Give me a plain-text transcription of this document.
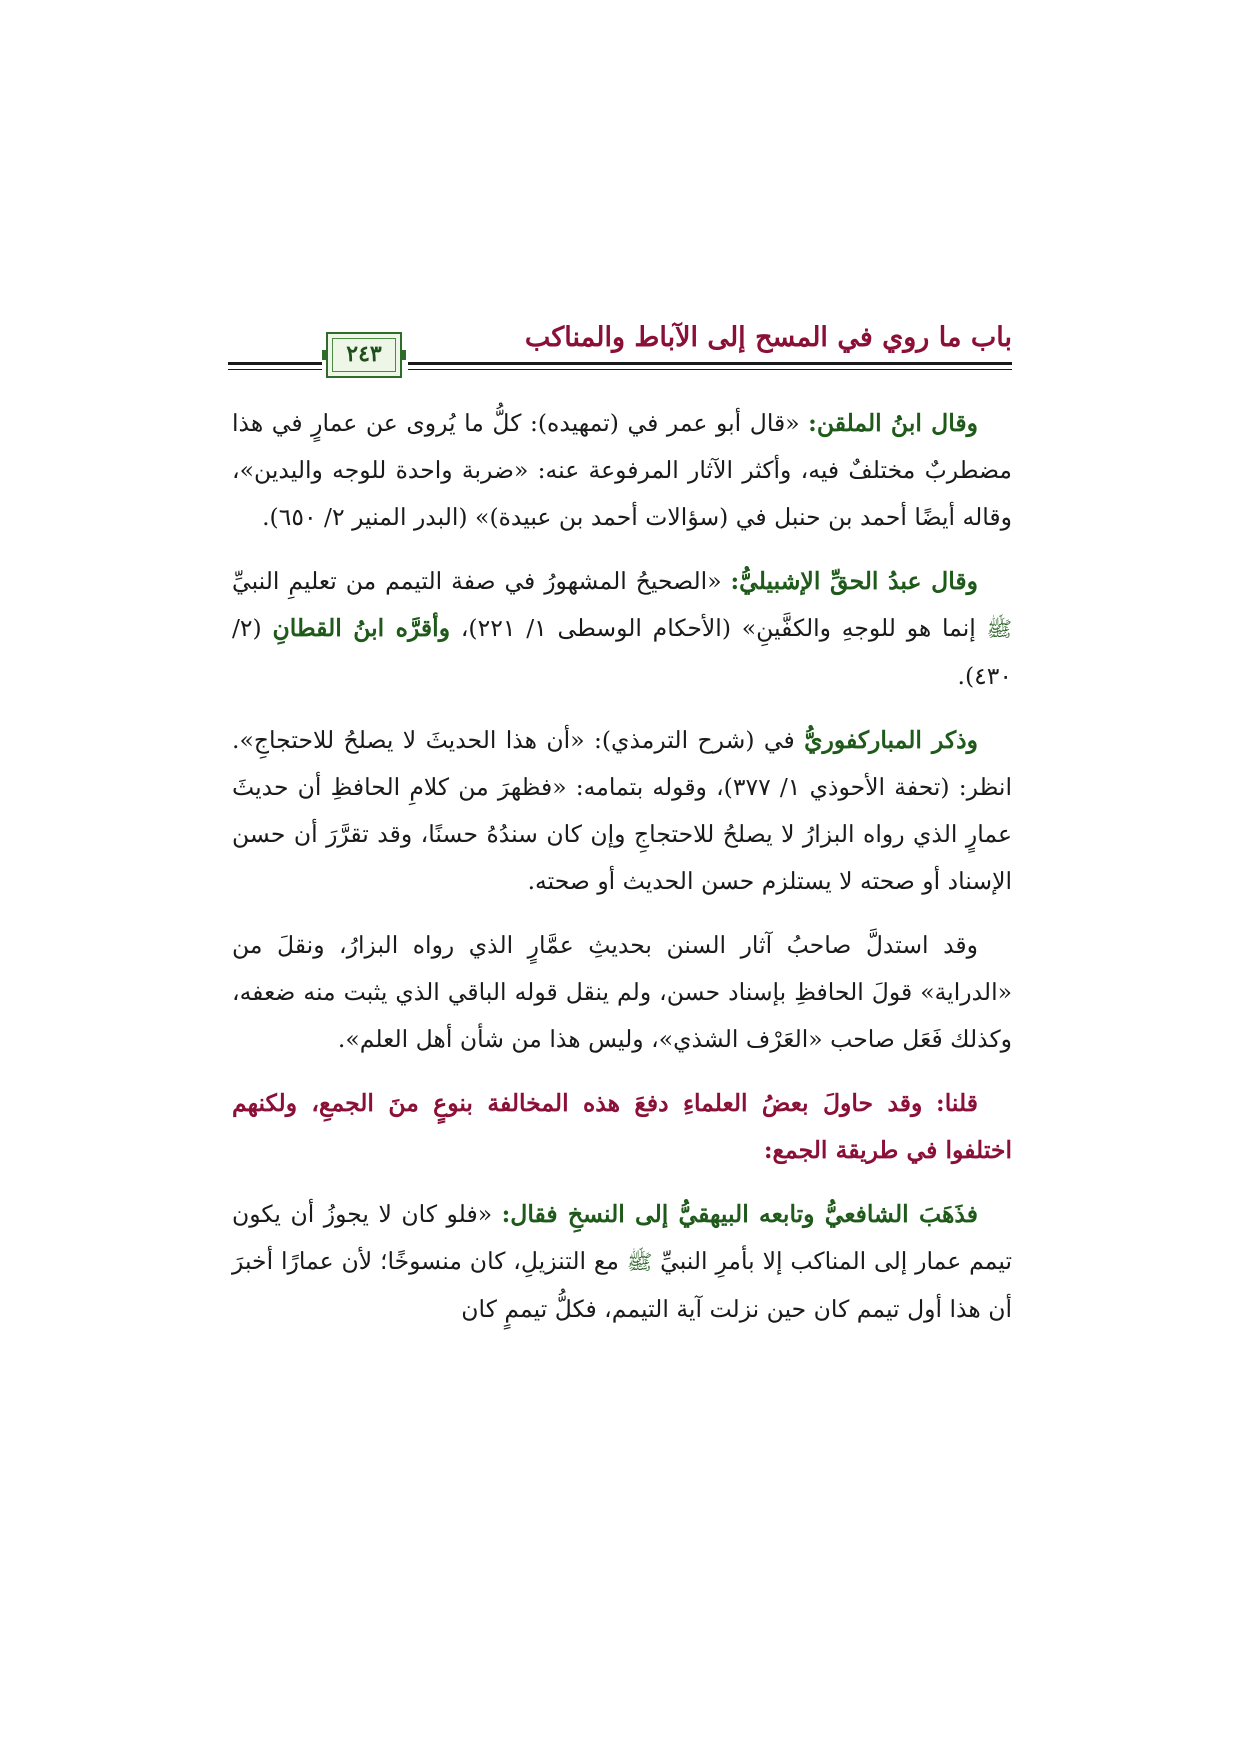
باب ما روي في المسح إلى الآباط والمناكب
٢٤٣

وقال ابنُ الملقن: «قال أبو عمر في (تمهيده): كلُّ ما يُروى عن عمارٍ في هذا مضطربٌ مختلفٌ فيه، وأكثر الآثار المرفوعة عنه: «ضربة واحدة للوجه واليدين»، وقاله أيضًا أحمد بن حنبل في (سؤالات أحمد بن عبيدة)» (البدر المنير ٢/ ٦٥٠).

وقال عبدُ الحقِّ الإشبيليُّ: «الصحيحُ المشهورُ في صفة التيمم من تعليمِ النبيِّ ﷺ إنما هو للوجهِ والكفَّينِ» (الأحكام الوسطى ١/ ٢٢١)، وأقرَّه ابنُ القطانِ (٢/ ٤٣٠).

وذكر المباركفوريُّ في (شرح الترمذي): «أن هذا الحديثَ لا يصلحُ للاحتجاجِ». انظر: (تحفة الأحوذي ١/ ٣٧٧)، وقوله بتمامه: «فظهرَ من كلامِ الحافظِ أن حديثَ عمارٍ الذي رواه البزارُ لا يصلحُ للاحتجاجِ وإن كان سندُهُ حسنًا، وقد تقرَّرَ أن حسن الإسناد أو صحته لا يستلزم حسن الحديث أو صحته.

وقد استدلَّ صاحبُ آثار السنن بحديثِ عمَّارٍ الذي رواه البزارُ، ونقلَ من «الدراية» قولَ الحافظِ بإسناد حسن، ولم ينقل قوله الباقي الذي يثبت منه ضعفه، وكذلك فَعَل صاحب «العَرْف الشذي»، وليس هذا من شأن أهل العلم».

قلنا: وقد حاولَ بعضُ العلماءِ دفعَ هذه المخالفة بنوعٍ منَ الجمعِ، ولكنهم اختلفوا في طريقة الجمع:

فذَهَبَ الشافعيُّ وتابعه البيهقيُّ إلى النسخِ فقال: «فلو كان لا يجوزُ أن يكون تيمم عمار إلى المناكب إلا بأمرِ النبيِّ ﷺ مع التنزيلِ، كان منسوخًا؛ لأن عمارًا أخبرَ أن هذا أول تيمم كان حين نزلت آية التيمم، فكلُّ تيممٍ كان
